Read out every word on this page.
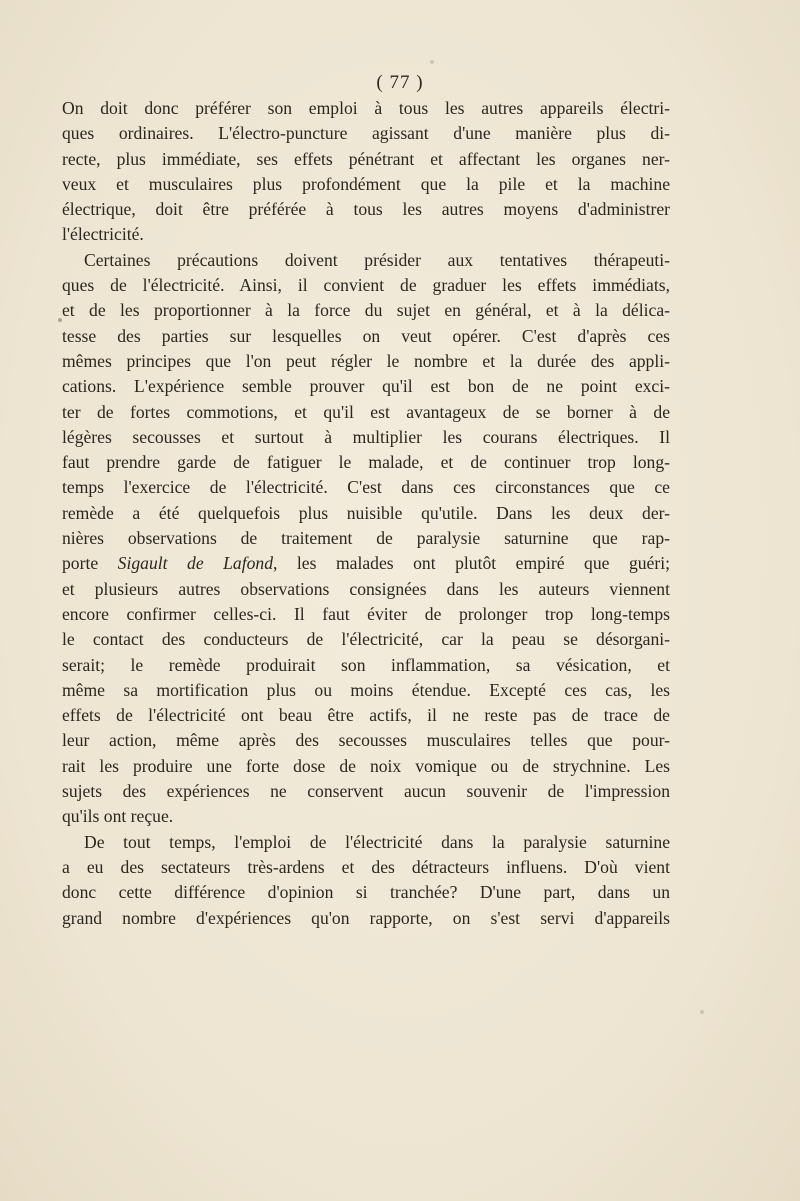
( 77 )
On doit donc préférer son emploi à tous les autres appareils électri-
ques ordinaires. L'électro-puncture agissant d'une manière plus di-
recte, plus immédiate, ses effets pénétrant et affectant les organes ner-
veux et musculaires plus profondément que la pile et la machine
électrique, doit être préférée à tous les autres moyens d'administrer
l'électricité.
Certaines précautions doivent présider aux tentatives thérapeuti-
ques de l'électricité. Ainsi, il convient de graduer les effets immédiats,
et de les proportionner à la force du sujet en général, et à la délica-
tesse des parties sur lesquelles on veut opérer. C'est d'après ces
mêmes principes que l'on peut régler le nombre et la durée des appli-
cations. L'expérience semble prouver qu'il est bon de ne point exci-
ter de fortes commotions, et qu'il est avantageux de se borner à de
légères secousses et surtout à multiplier les courans électriques. Il
faut prendre garde de fatiguer le malade, et de continuer trop long-
temps l'exercice de l'électricité. C'est dans ces circonstances que ce
remède a été quelquefois plus nuisible qu'utile. Dans les deux der-
nières observations de traitement de paralysie saturnine que rap-
porte Sigault de Lafond, les malades ont plutôt empiré que guéri;
et plusieurs autres observations consignées dans les auteurs viennent
encore confirmer celles-ci. Il faut éviter de prolonger trop long-temps
le contact des conducteurs de l'électricité, car la peau se désorgani-
serait; le remède produirait son inflammation, sa vésication, et
même sa mortification plus ou moins étendue. Excepté ces cas, les
effets de l'électricité ont beau être actifs, il ne reste pas de trace de
leur action, même après des secousses musculaires telles que pour-
rait les produire une forte dose de noix vomique ou de strychnine. Les
sujets des expériences ne conservent aucun souvenir de l'impression
qu'ils ont reçue.
De tout temps, l'emploi de l'électricité dans la paralysie saturnine
a eu des sectateurs très-ardens et des détracteurs influens. D'où vient
donc cette différence d'opinion si tranchée? D'une part, dans un
grand nombre d'expériences qu'on rapporte, on s'est servi d'appareils
